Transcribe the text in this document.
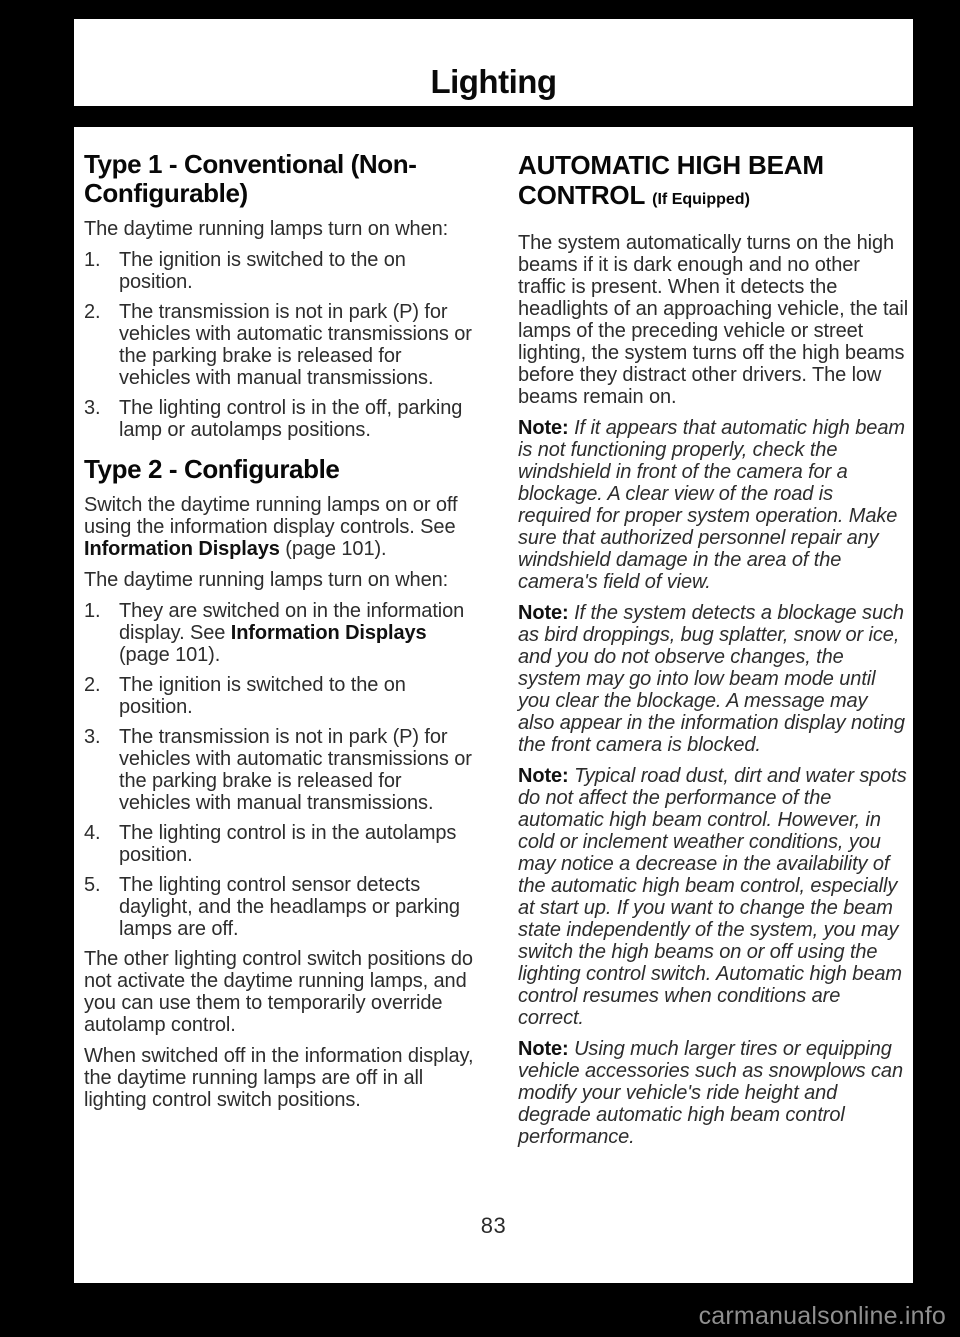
Lighting
Type 1 - Conventional (Non-Configurable)

The daytime running lamps turn on when:

1. The ignition is switched to the on position.
2. The transmission is not in park (P) for vehicles with automatic transmissions or the parking brake is released for vehicles with manual transmissions.
3. The lighting control is in the off, parking lamp or autolamps positions.
Type 2 - Configurable

Switch the daytime running lamps on or off using the information display controls. See Information Displays (page 101).

The daytime running lamps turn on when:

1. They are switched on in the information display. See Information Displays (page 101).
2. The ignition is switched to the on position.
3. The transmission is not in park (P) for vehicles with automatic transmissions or the parking brake is released for vehicles with manual transmissions.
4. The lighting control is in the autolamps position.
5. The lighting control sensor detects daylight, and the headlamps or parking lamps are off.

The other lighting control switch positions do not activate the daytime running lamps, and you can use them to temporarily override autolamp control.

When switched off in the information display, the daytime running lamps are off in all lighting control switch positions.

AUTOMATIC HIGH BEAM CONTROL (If Equipped)

The system automatically turns on the high beams if it is dark enough and no other traffic is present. When it detects the headlights of an approaching vehicle, the tail lamps of the preceding vehicle or street lighting, the system turns off the high beams before they distract other drivers. The low beams remain on.

Note: If it appears that automatic high beam is not functioning properly, check the windshield in front of the camera for a blockage. A clear view of the road is required for proper system operation. Make sure that authorized personnel repair any windshield damage in the area of the camera's field of view.

Note: If the system detects a blockage such as bird droppings, bug splatter, snow or ice, and you do not observe changes, the system may go into low beam mode until you clear the blockage. A message may also appear in the information display noting the front camera is blocked.

Note: Typical road dust, dirt and water spots do not affect the performance of the automatic high beam control. However, in cold or inclement weather conditions, you may notice a decrease in the availability of the automatic high beam control, especially at start up. If you want to change the beam state independently of the system, you may switch the high beams on or off using the lighting control switch. Automatic high beam control resumes when conditions are correct.

Note: Using much larger tires or equipping vehicle accessories such as snowplows can modify your vehicle's ride height and degrade automatic high beam control performance.

83
carmanualsonline.info
